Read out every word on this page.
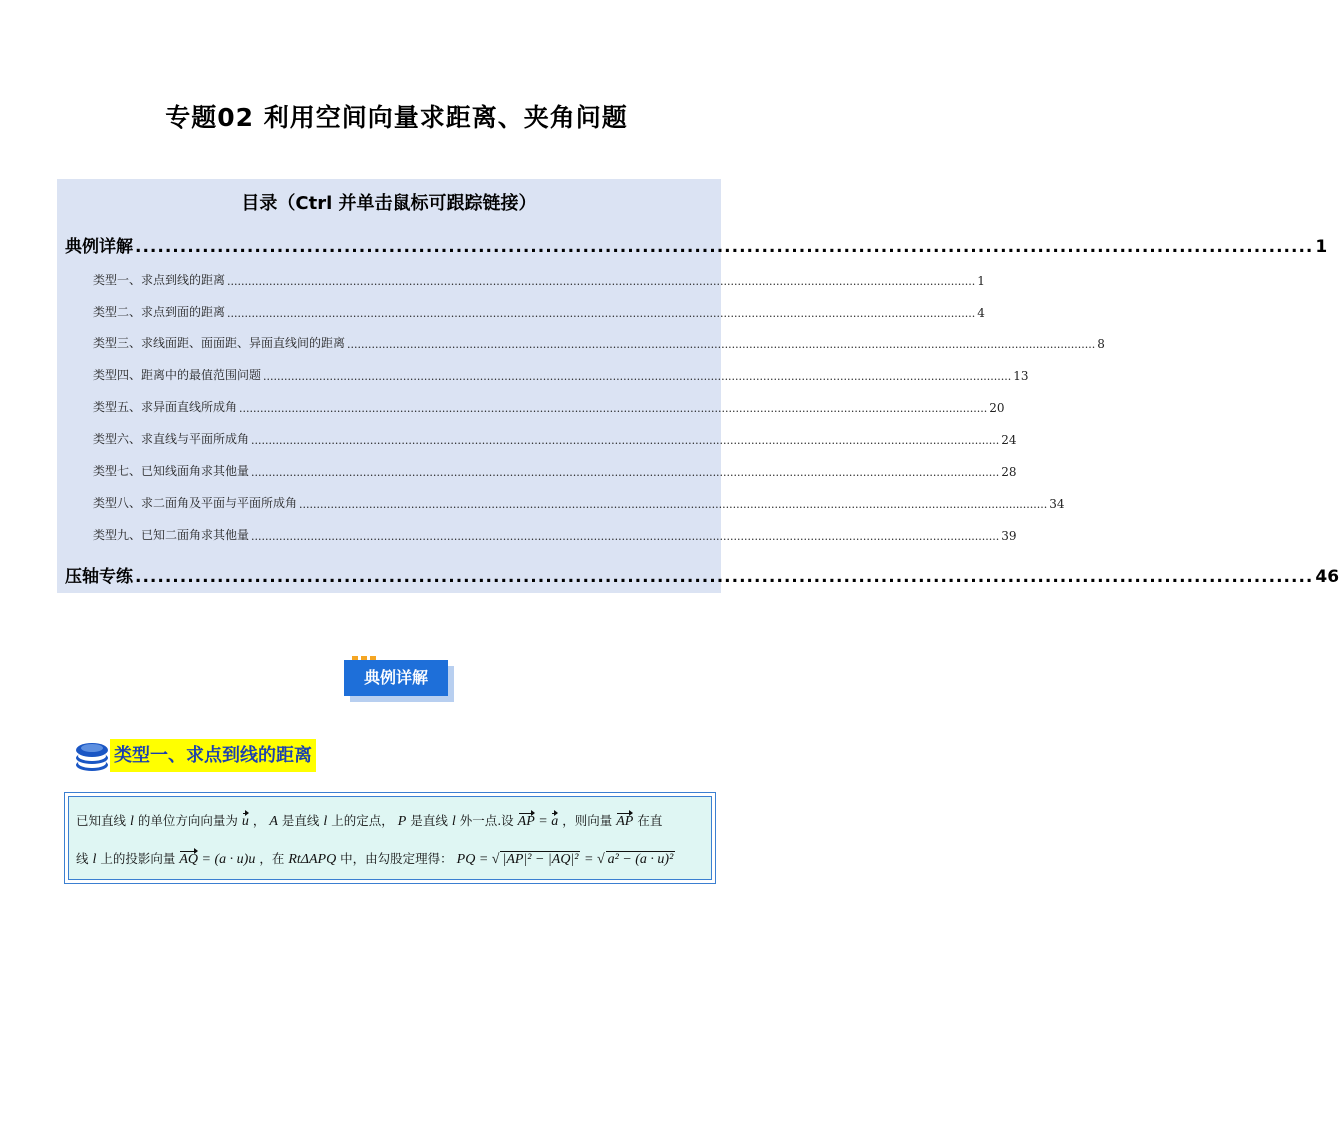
专题02 利用空间向量求距离、夹角问题
目录（Ctrl 并单击鼠标可跟踪链接）
典例详解 .............................................................................................................................................................. 1
类型一、求点到线的距离 ...................................................................................................................................................................................................................... 1
类型二、求点到面的距离 ...................................................................................................................................................................................................................... 4
类型三、求线面距、面面距、异面直线间的距离 ...................................................................................................................................................................................................................... 8
类型四、距离中的最值范围问题 ...................................................................................................................................................................................................................... 13
类型五、求异面直线所成角 ...................................................................................................................................................................................................................... 20
类型六、求直线与平面所成角 ...................................................................................................................................................................................................................... 24
类型七、已知线面角求其他量 ...................................................................................................................................................................................................................... 28
类型八、求二面角及平面与平面所成角 ...................................................................................................................................................................................................................... 34
类型九、已知二面角求其他量 ...................................................................................................................................................................................................................... 39
压轴专练 .............................................................................................................................................................. 46
典例详解
类型一、求点到线的距离
已知直线 l 的单位方向向量为 u ， A 是直线 l 上的定点， P 是直线 l 外一点.设 AP = a ，则向量 AP 在直
线 l 上的投影向量 AQ = (a · u)u ，在 RtΔAPQ 中，由勾股定理得： PQ = √ |AP|² − |AQ|² = √ a² − (a · u)²
